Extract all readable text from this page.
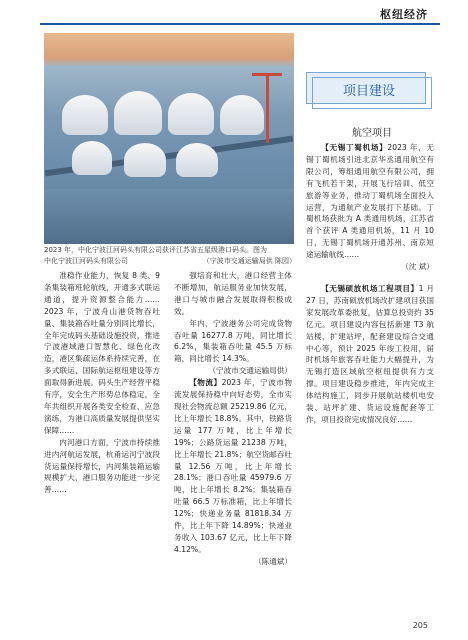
枢纽经济
2023 年，中化宁波江河码头有限公司获评江苏省五星级港口码头。图为
中化宁波江河码头有限公司	（宁波市交通运输局供 陈园）

准稳作业能力，恢复 8 类、9 条集装箱班轮航线，开通多式联运通道，提升资源整合能力……2023 年，宁波舟山港货物吞吐量、集装箱吞吐量分别同比增长，全年完成码头基础设施投资，推进宁波港域港口智慧化、绿色化改造，港区集疏运体系持续完善，在多式联运、国际航运枢纽建设等方面取得新进展。码头生产经营平稳有序，安全生产形势总体稳定，全年共组织开展各类安全检查、应急演练，为港口高质量发展提供坚实保障……

内河港口方面，宁波市持续推进内河航运发展，杭甬运河宁波段货运量保持增长，内河集装箱运输规模扩大，港口服务功能进一步完善……

强培育和壮大，港口经营主体不断增加，航运服务业加快发展，港口与城市融合发展取得积极成效。

年内，宁波港务公司完成货物吞吐量 16277.8 万吨，同比增长 6.2%，集装箱吞吐量 45.5 万标箱，同比增长 14.3%。

（宁波市交通运输局供）

【物流】2023 年，宁波市物流发展保持稳中向好态势，全市实现社会物流总额 25219.86 亿元，比上年增长 18.8%。其中，铁路货运量 177 万吨，比上年增长 19%；公路货运量 21238 万吨，比上年增长 21.8%；航空货邮吞吐量 12.56 万吨，比上年增长 28.1%；港口吞吐量 45979.6 万吨，比上年增长 8.2%；集装箱吞吐量 66.5 万标准箱，比上年增长 12%；快递业务量 81818.34 万件，比上年下降 14.89%；快递业务收入 103.67 亿元，比上年下降 4.12%。

（陈通斌）

项目建设
航空项目

【无锡丁蜀机场】2023 年，无锡丁蜀机场引进北京华丞通用航空有限公司，筹组通用航空有限公司，拥有飞机若干架，开展飞行培训、低空旅游等业务，推动丁蜀机场全面投入运营，为通航产业发展打下基础。丁蜀机场获批为 A 类通用机场，江苏省首个获评 A 类通用机场，11 月 10 日，无锡丁蜀机场开通苏州、南京短途运输航线……

（沈 斌）

【无锡硕放机场工程项目】1 月 27 日，苏南硕放机场改扩建项目获国家发展改革委批复，估算总投资约 35 亿元。项目建设内容包括新建 T3 航站楼，扩建站坪，配套建设综合交通中心等，预计 2025 年竣工投用，届时机场年旅客吞吐能力大幅提升，为无锡打造区域航空枢纽提供有力支撑。项目建设稳步推进，年内完成主体结构施工，同步开展航站楼机电安装、站坪扩建、货运设施配套等工作，项目投资完成情况良好……

205
